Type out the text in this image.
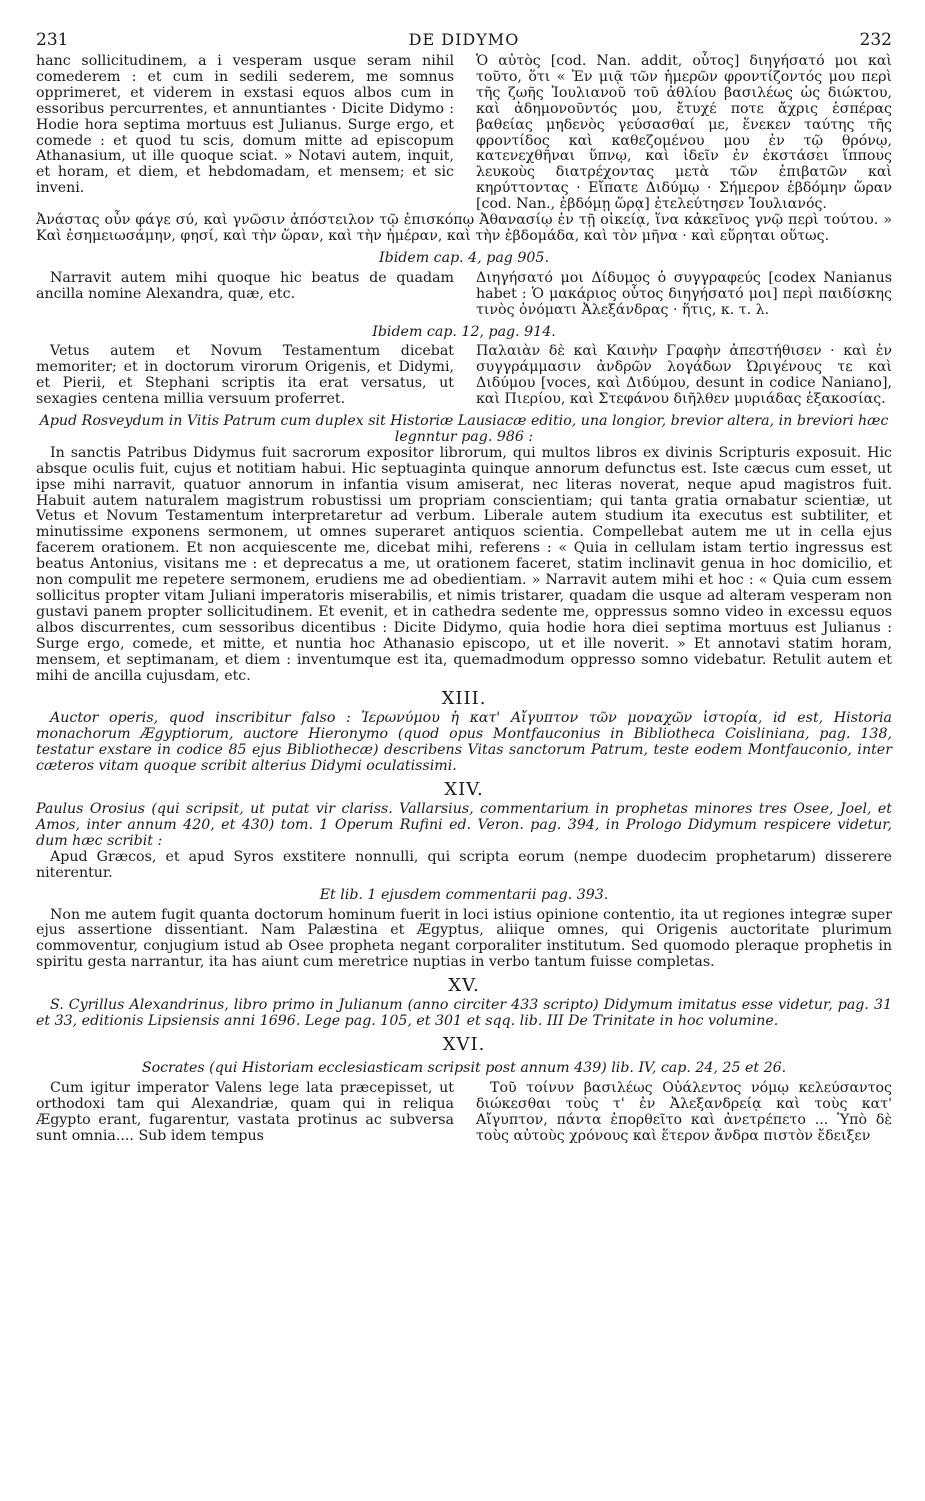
231	DE DIDYMO	232

hanc sollicitudinem, a i vesperam usque seram nihil comederem : et cum in sedili sederem, me somnus opprimeret, et viderem in exstasi equos albos cum in essoribus percurrentes, et annuntiantes · Dicite Didymo : Hodie hora septima mortuus est Julianus. Surge ergo, et comede : et quod tu scis, domum mitte ad episcopum Athanasium, ut ille quoque sciat. » Notavi autem, inquit, et horam, et diem, et hebdomadam, et mensem; et sic inveni.

Ὁ αὐτὸς [cod. Nan. addit, οὗτος] διηγήσατό μοι καὶ τοῦτο, ὅτι « Ἐν μιᾷ τῶν ἡμερῶν φροντίζοντός μου περὶ τῆς ζωῆς Ἰουλιανοῦ τοῦ ἀθλίου βασιλέως ὡς διώκτου, καὶ ἀδημονοῦντός μου, ἔτυχέ ποτε ἄχρις ἑσπέρας βαθείας μηδενὸς γεύσασθαί με, ἕνεκεν ταύτης τῆς φροντίδος καὶ καθεζομένου μου ἐν τῷ θρόνῳ, κατενεχθῆναι ὕπνῳ, καὶ ἰδεῖν ἐν ἐκστάσει ἵππους λευκοὺς διατρέχοντας μετὰ τῶν ἐπιβατῶν καὶ κηρύττοντας · Εἴπατε Διδύμῳ · Σήμερον ἑβδόμην ὥραν [cod. Nan., ἑβδόμῃ ὥρᾳ] ἐτελεύτησεν Ἰουλιανός.

Ἀνάστας οὖν φάγε σύ, καὶ γνῶσιν ἀπόστειλον τῷ ἐπισκόπῳ Ἀθανασίῳ ἐν τῇ οἰκείᾳ, ἵνα κἀκεῖνος γνῷ περὶ τούτου. » Καὶ ἐσημειωσάμην, φησί, καὶ τὴν ὥραν, καὶ τὴν ἡμέραν, καὶ τὴν ἑβδομάδα, καὶ τὸν μῆνα · καὶ εὕρηται οὕτως.

Ibidem cap. 4, pag 905.

Narravit autem mihi quoque hic beatus de quadam ancilla nomine Alexandra, quæ, etc.

Διηγήσατό μοι Δίδυμος ὁ συγγραφεύς [codex Nanianus habet : Ὁ μακάριος οὗτος διηγήσατό μοι] περὶ παιδίσκης τινὸς ὀνόματι Ἀλεξάνδρας · ἥτις, κ. τ. λ.

Ibidem cap. 12, pag. 914.

Vetus autem et Novum Testamentum dicebat memoriter; et in doctorum virorum Origenis, et Didymi, et Pierii, et Stephani scriptis ita erat versatus, ut sexagies centena millia versuum proferret.

Παλαιὰν δὲ καὶ Καινὴν Γραφὴν ἀπεστήθισεν · καὶ ἐν συγγράμμασιν ἀνδρῶν λογάδων Ὠριγένους τε καὶ Διδύμου [voces, καὶ Διδύμου, desunt in codice Naniano], καὶ Πιερίου, καὶ Στεφάνου διῆλθεν μυριάδας ἑξακοσίας.

Apud Rosveydum in Vitis Patrum cum duplex sit Historiæ Lausiacæ editio, una longior, brevior altera, in breviori hæc legnntur pag. 986 :

In sanctis Patribus Didymus fuit sacrorum expositor librorum, qui multos libros ex divinis Scripturis exposuit. Hic absque oculis fuit, cujus et notitiam habui. Hic septuaginta quinque annorum defunctus est. Iste cæcus cum esset, ut ipse mihi narravit, quatuor annorum in infantia visum amiserat, nec literas noverat, neque apud magistros fuit. Habuit autem naturalem magistrum robustissi um propriam conscientiam; qui tanta gratia ornabatur scientiæ, ut Vetus et Novum Testamentum interpretaretur ad verbum. Liberale autem studium ita executus est subtiliter, et minutissime exponens sermonem, ut omnes superaret antiquos scientia. Compellebat autem me ut in cella ejus facerem orationem. Et non acquiescente me, dicebat mihi, referens : « Quia in cellulam istam tertio ingressus est beatus Antonius, visitans me : et deprecatus a me, ut orationem faceret, statim inclinavit genua in hoc domicilio, et non compulit me repetere sermonem, erudiens me ad obedientiam. » Narravit autem mihi et hoc : « Quia cum essem sollicitus propter vitam Juliani imperatoris miserabilis, et nimis tristarer, quadam die usque ad alteram vesperam non gustavi panem propter sollicitudinem. Et evenit, et in cathedra sedente me, oppressus somno video in excessu equos albos discurrentes, cum sessoribus dicentibus : Dicite Didymo, quia hodie hora diei septima mortuus est Julianus : Surge ergo, comede, et mitte, et nuntia hoc Athanasio episcopo, ut et ille noverit. » Et annotavi statim horam, mensem, et septimanam, et diem : inventumque est ita, quemadmodum oppresso somno videbatur. Retulit autem et mihi de ancilla cujusdam, etc.

XIII.

Auctor operis, quod inscribitur falso : Ἱερωνύμου ἡ κατ' Αἴγυπτον τῶν μοναχῶν ἱστορία, id est, Historia monachorum Ægyptiorum, auctore Hieronymo (quod opus Montfauconius in Bibliotheca Coisliniana, pag. 138, testatur exstare in codice 85 ejus Bibliothecæ) describens Vitas sanctorum Patrum, teste eodem Montfauconio, inter cæteros vitam quoque scribit alterius Didymi oculatissimi.

XIV.

Paulus Orosius (qui scripsit, ut putat vir clariss. Vallarsius, commentarium in prophetas minores tres Osee, Joel, et Amos, inter annum 420, et 430) tom. 1 Operum Rufini ed. Veron. pag. 394, in Prologo Didymum respicere videtur, dum hæc scribit :

Apud Græcos, et apud Syros exstitere nonnulli, qui scripta eorum (nempe duodecim prophetarum) disserere niterentur.

Et lib. 1 ejusdem commentarii pag. 393.

Non me autem fugit quanta doctorum hominum fuerit in loci istius opinione contentio, ita ut regiones integræ super ejus assertione dissentiant. Nam Palæstina et Ægyptus, aliique omnes, qui Origenis auctoritate plurimum commoventur, conjugium istud ab Osee propheta negant corporaliter institutum. Sed quomodo pleraque prophetis in spiritu gesta narrantur, ita has aiunt cum meretrice nuptias in verbo tantum fuisse completas.

XV.

S. Cyrillus Alexandrinus, libro primo in Julianum (anno circiter 433 scripto) Didymum imitatus esse videtur, pag. 31 et 33, editionis Lipsiensis anni 1696. Lege pag. 105, et 301 et sqq. lib. III De Trinitate in hoc volumine.

XVI.

Socrates (qui Historiam ecclesiasticam scripsit post annum 439) lib. IV, cap. 24, 25 et 26.

Cum igitur imperator Valens lege lata præcepisset, ut orthodoxi tam qui Alexandriæ, quam qui in reliqua Ægypto erant, fugarentur, vastata protinus ac subversa sunt omnia.... Sub idem tempus

Τοῦ τοίνυν βασιλέως Οὐάλεντος νόμῳ κελεύσαντος διώκεσθαι τοὺς τ' ἐν Ἀλεξανδρείᾳ καὶ τοὺς κατ' Αἴγυπτον, πάντα ἐπορθεῖτο καὶ ἀνετρέπετο ... Ὑπὸ δὲ τοὺς αὐτοὺς χρόνους καὶ ἕτερον ἄνδρα πιστὸν ἔδειξεν
